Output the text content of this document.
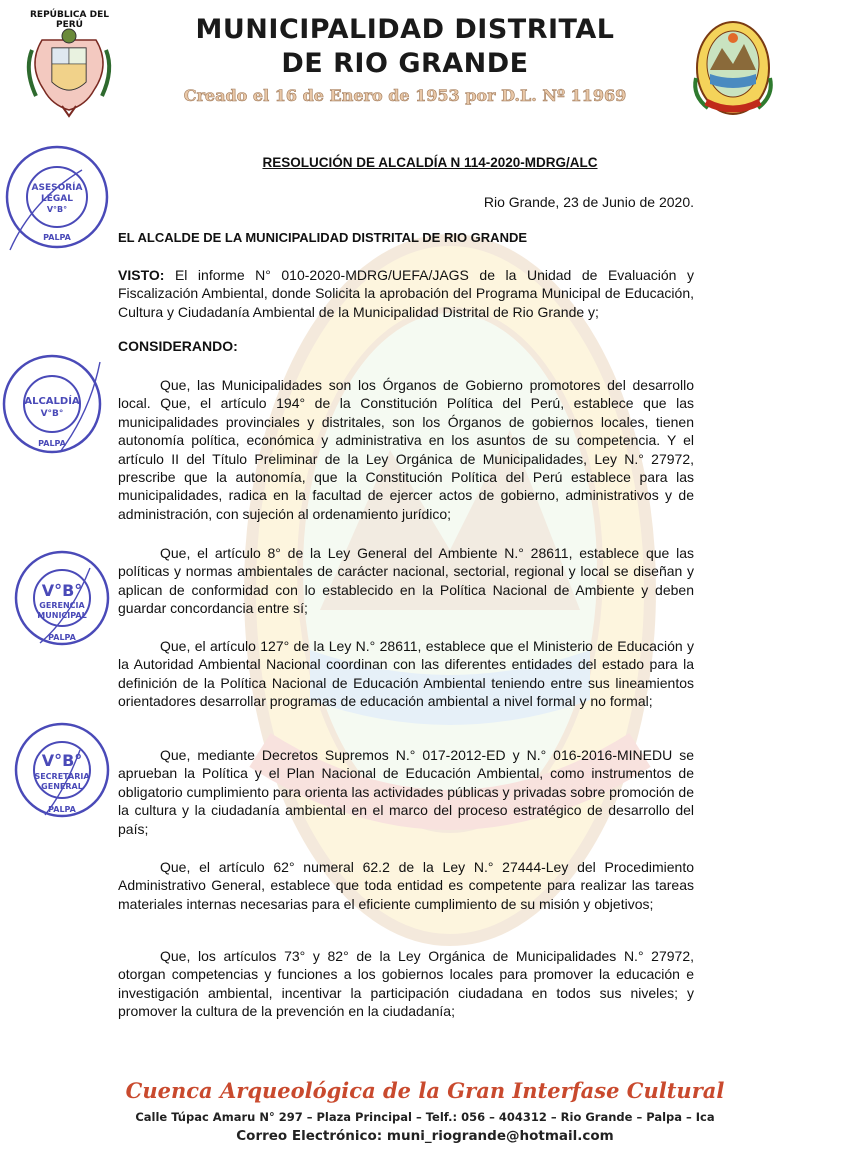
REPÚBLICA DEL PERÚ	MUNICIPALIDAD DISTRITAL
DE RIO GRANDE
Creado el 16 de Enero de 1953 por D.L. Nº 11969
RESOLUCIÓN DE ALCALDÍA N 114-2020-MDRG/ALC
Rio Grande, 23 de Junio de 2020.
EL ALCALDE DE LA MUNICIPALIDAD DISTRITAL DE RIO GRANDE
VISTO: El informe N° 010-2020-MDRG/UEFA/JAGS de la Unidad de Evaluación y Fiscalización Ambiental, donde Solicita la aprobación del Programa Municipal de Educación, Cultura y Ciudadanía Ambiental de la Municipalidad Distrital de Rio Grande y;
CONSIDERANDO:
Que, las Municipalidades son los Órganos de Gobierno promotores del desarrollo local. Que, el artículo 194° de la Constitución Política del Perú, establece que las municipalidades provinciales y distritales, son los Órganos de gobiernos locales, tienen autonomía política, económica y administrativa en los asuntos de su competencia. Y el artículo II del Título Preliminar de la Ley Orgánica de Municipalidades, Ley N.° 27972, prescribe que la autonomía, que la Constitución Política del Perú establece para las municipalidades, radica en la facultad de ejercer actos de gobierno, administrativos y de administración, con sujeción al ordenamiento jurídico;
Que, el artículo 8° de la Ley General del Ambiente N.° 28611, establece que las políticas y normas ambientales de carácter nacional, sectorial, regional y local se diseñan y aplican de conformidad con lo establecido en la Política Nacional de Ambiente y deben guardar concordancia entre sí;
Que, el artículo 127° de la Ley N.° 28611, establece que el Ministerio de Educación y la Autoridad Ambiental Nacional coordinan con las diferentes entidades del estado para la definición de la Política Nacional de Educación Ambiental teniendo entre sus lineamientos orientadores desarrollar programas de educación ambiental a nivel formal y no formal;
Que, mediante Decretos Supremos N.° 017-2012-ED y N.° 016-2016-MINEDU se aprueban la Política y el Plan Nacional de Educación Ambiental, como instrumentos de obligatorio cumplimiento para orienta las actividades públicas y privadas sobre promoción de la cultura y la ciudadanía ambiental en el marco del proceso estratégico de desarrollo del país;
Que, el artículo 62° numeral 62.2 de la Ley N.° 27444-Ley del Procedimiento Administrativo General, establece que toda entidad es competente para realizar las tareas materiales internas necesarias para el eficiente cumplimiento de su misión y objetivos;
Que, los artículos 73° y 82° de la Ley Orgánica de Municipalidades N.° 27972, otorgan competencias y funciones a los gobiernos locales para promover la educación e investigación ambiental, incentivar la participación ciudadana en todos sus niveles; y promover la cultura de la prevención en la ciudadanía;
ASESORÍA
LEGAL
V°B°
PALPA
ALCALDÍA
V°B°
PALPA
V°B°
GERENCIA
MUNICIPAL
PALPA
V°B°
SECRETARIA
GENERAL
PALPA
Cuenca Arqueológica de la Gran Interfase Cultural
Calle Túpac Amaru N° 297 – Plaza Principal – Telf.: 056 – 404312 – Rio Grande – Palpa – Ica
Correo Electrónico: muni_riogrande@hotmail.com
